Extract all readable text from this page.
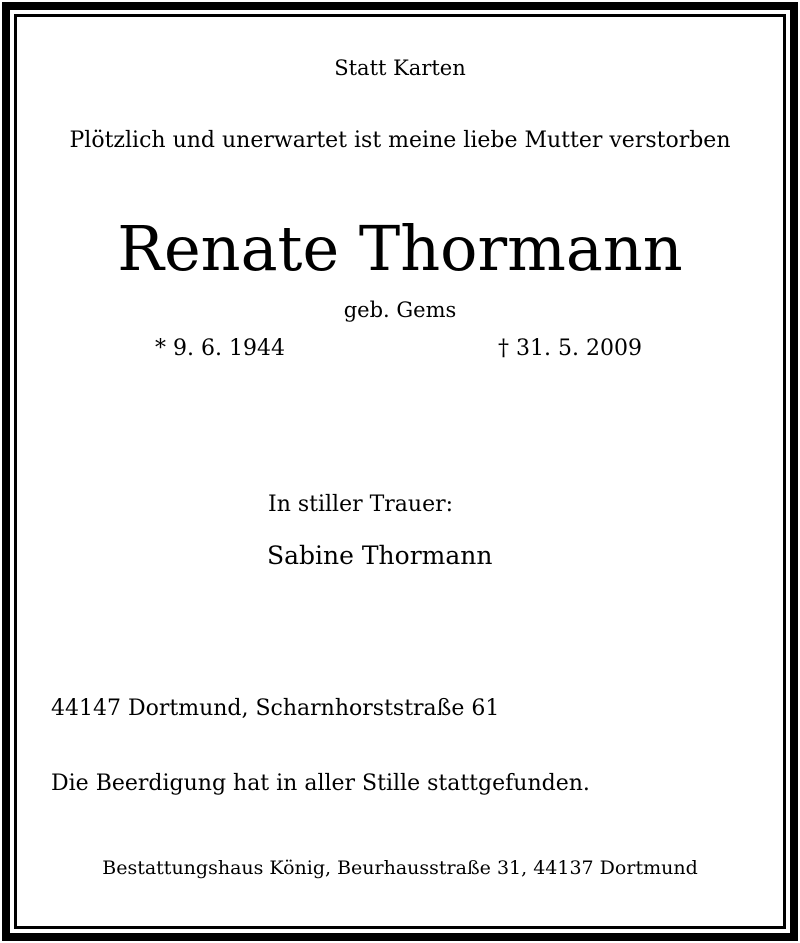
Statt Karten
Plötzlich und unerwartet ist meine liebe Mutter verstorben
Renate Thormann
geb. Gems
* 9. 6. 1944	† 31. 5. 2009
In stiller Trauer:
Sabine Thormann
44147 Dortmund, Scharnhorststraße 61
Die Beerdigung hat in aller Stille stattgefunden.
Bestattungshaus König, Beurhausstraße 31, 44137 Dortmund
